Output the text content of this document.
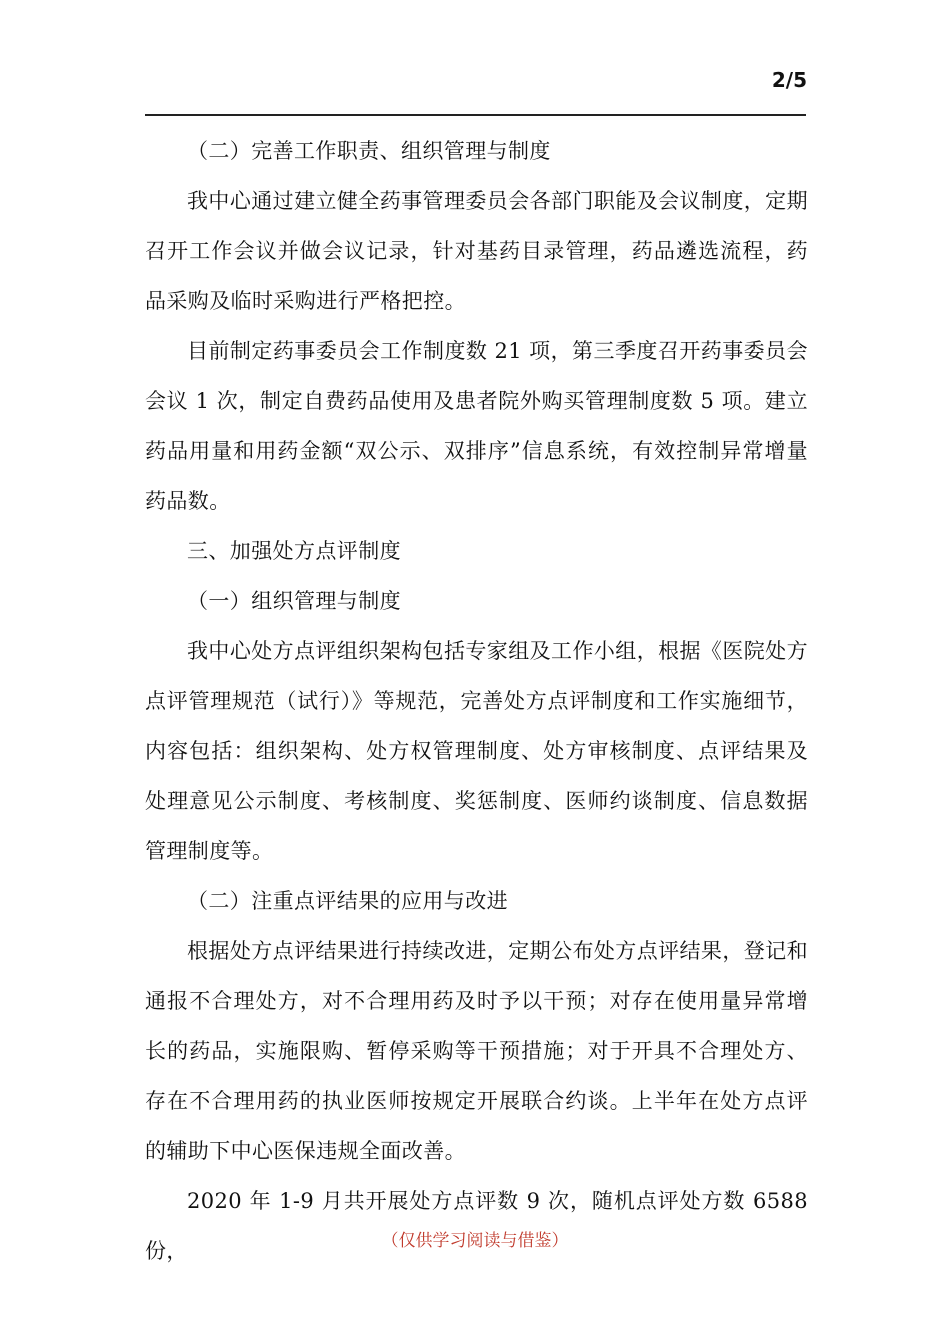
2/5

（二）完善工作职责、组织管理与制度

我中心通过建立健全药事管理委员会各部门职能及会议制度，定期召开工作会议并做会议记录，针对基药目录管理，药品遴选流程，药品采购及临时采购进行严格把控。

目前制定药事委员会工作制度数 21 项，第三季度召开药事委员会会议 1 次，制定自费药品使用及患者院外购买管理制度数 5 项。建立药品用量和用药金额“双公示、双排序”信息系统，有效控制异常增量药品数。

三、加强处方点评制度

（一）组织管理与制度

我中心处方点评组织架构包括专家组及工作小组，根据《医院处方点评管理规范（试行）》等规范，完善处方点评制度和工作实施细节，内容包括：组织架构、处方权管理制度、处方审核制度、点评结果及处理意见公示制度、考核制度、奖惩制度、医师约谈制度、信息数据管理制度等。

（二）注重点评结果的应用与改进

根据处方点评结果进行持续改进，定期公布处方点评结果，登记和通报不合理处方，对不合理用药及时予以干预；对存在使用量异常增长的药品，实施限购、暂停采购等干预措施；对于开具不合理处方、存在不合理用药的执业医师按规定开展联合约谈。上半年在处方点评的辅助下中心医保违规全面改善。

2020 年 1-9 月共开展处方点评数 9 次，随机点评处方数 6588 份，	（仅供学习阅读与借鉴）
